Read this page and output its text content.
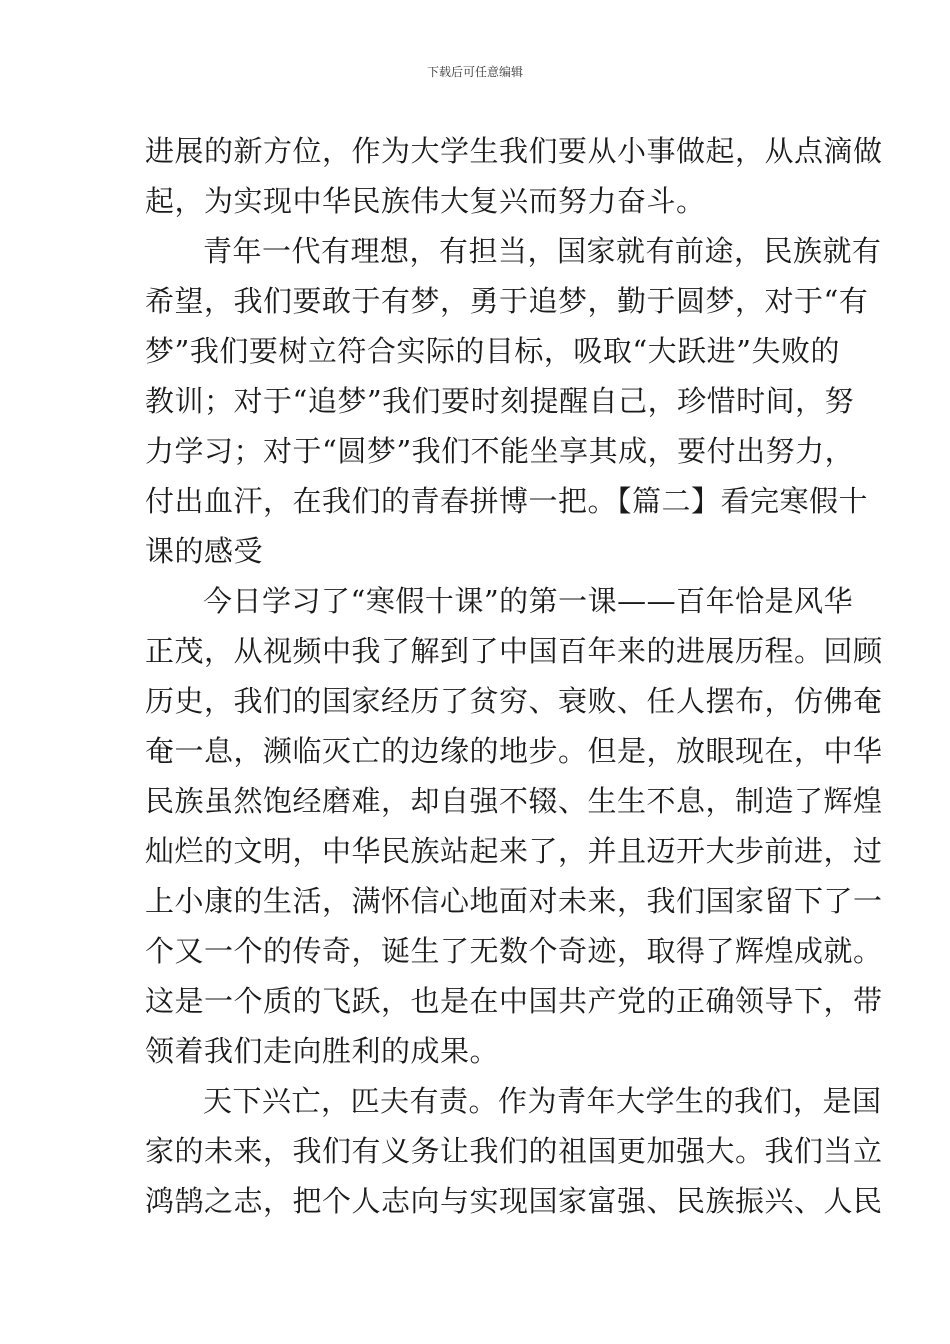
下载后可任意编辑
进展的新方位，作为大学生我们要从小事做起，从点滴做
起，为实现中华民族伟大复兴而努力奋斗。
青年一代有理想，有担当，国家就有前途，民族就有
希望，我们要敢于有梦，勇于追梦，勤于圆梦，对于“有
梦”我们要树立符合实际的目标，吸取“大跃进”失败的
教训；对于“追梦”我们要时刻提醒自己，珍惜时间，努
力学习；对于“圆梦”我们不能坐享其成，要付出努力，
付出血汗，在我们的青春拼博一把。【篇二】看完寒假十
课的感受
今日学习了“寒假十课”的第一课——百年恰是风华
正茂，从视频中我了解到了中国百年来的进展历程。回顾
历史，我们的国家经历了贫穷、衰败、任人摆布，仿佛奄
奄一息，濒临灭亡的边缘的地步。但是，放眼现在，中华
民族虽然饱经磨难，却自强不辍、生生不息，制造了辉煌
灿烂的文明，中华民族站起来了，并且迈开大步前进，过
上小康的生活，满怀信心地面对未来，我们国家留下了一
个又一个的传奇，诞生了无数个奇迹，取得了辉煌成就。
这是一个质的飞跃，也是在中国共产党的正确领导下，带
领着我们走向胜利的成果。
天下兴亡，匹夫有责。作为青年大学生的我们，是国
家的未来，我们有义务让我们的祖国更加强大。我们当立
鸿鹄之志，把个人志向与实现国家富强、民族振兴、人民
